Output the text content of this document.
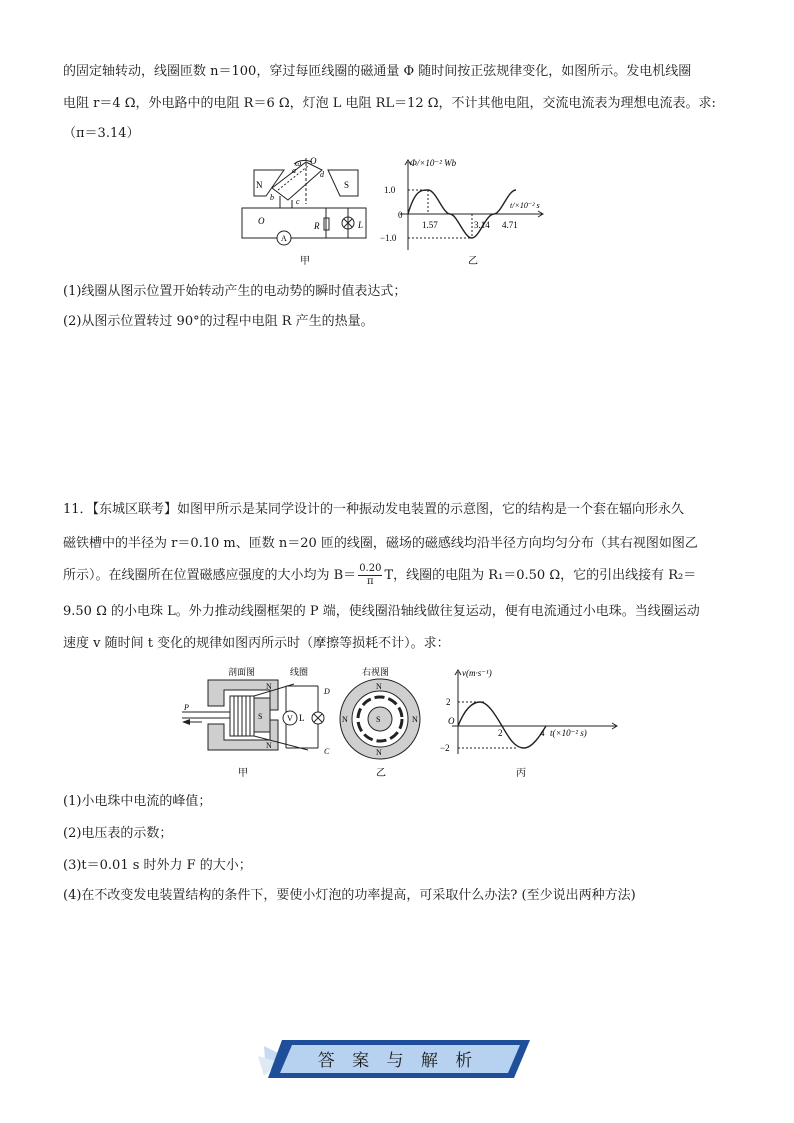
的固定轴转动，线圈匝数 n＝100，穿过每匝线圈的磁通量 Φ 随时间按正弦规律变化，如图所示。发电机线圈

电阻 r＝4 Ω，外电路中的电阻 R＝6 Ω，灯泡 L 电阻 RL＝12 Ω，不计其他电阻，交流电流表为理想电流表。求:

（π＝3.14）

ω O
a	d
b	c
N	S
O
A
R	L
甲
Φ/×10⁻² Wb
t/×10⁻² s
1.0
−1.0
0
1.57	3.14 4.71
乙

(1)线圈从图示位置开始转动产生的电动势的瞬时值表达式；

(2)从图示位置转过 90°的过程中电阻 R 产生的热量。

11．【东城区联考】如图甲所示是某同学设计的一种振动发电装置的示意图，它的结构是一个套在辐向形永久

磁铁槽中的半径为 r＝0.10 m、匝数 n＝20 匝的线圈，磁场的磁感线均沿半径方向均匀分布（其右视图如图乙

所示）。在线圈所在位置磁感应强度的大小均为 $B= \frac{0.20}{\pi}$ T，线圈的电阻为 R₁＝0.50 Ω，它的引出线接有 R₂＝

9.50 Ω 的小电珠 L。外力推动线圈框架的 P 端，使线圈沿轴线做往复运动，便有电流通过小电珠。当线圈运动

速度 v 随时间 t 变化的规律如图丙所示时（摩擦等损耗不计）。求：

剖面图	线圈
N
S
N
P
V L
D
C
甲
右视图
N
N	N
N
S
乙
v(m·s⁻¹)
t(×10⁻² s)
2
−2
O
2	4
丙

(1)小电珠中电流的峰值；

(2)电压表的示数；

(3)t＝0.01 s 时外力 F 的大小；

(4)在不改变发电装置结构的条件下，要使小灯泡的功率提高，可采取什么办法? (至少说出两种方法)

答 案 与 解 析
